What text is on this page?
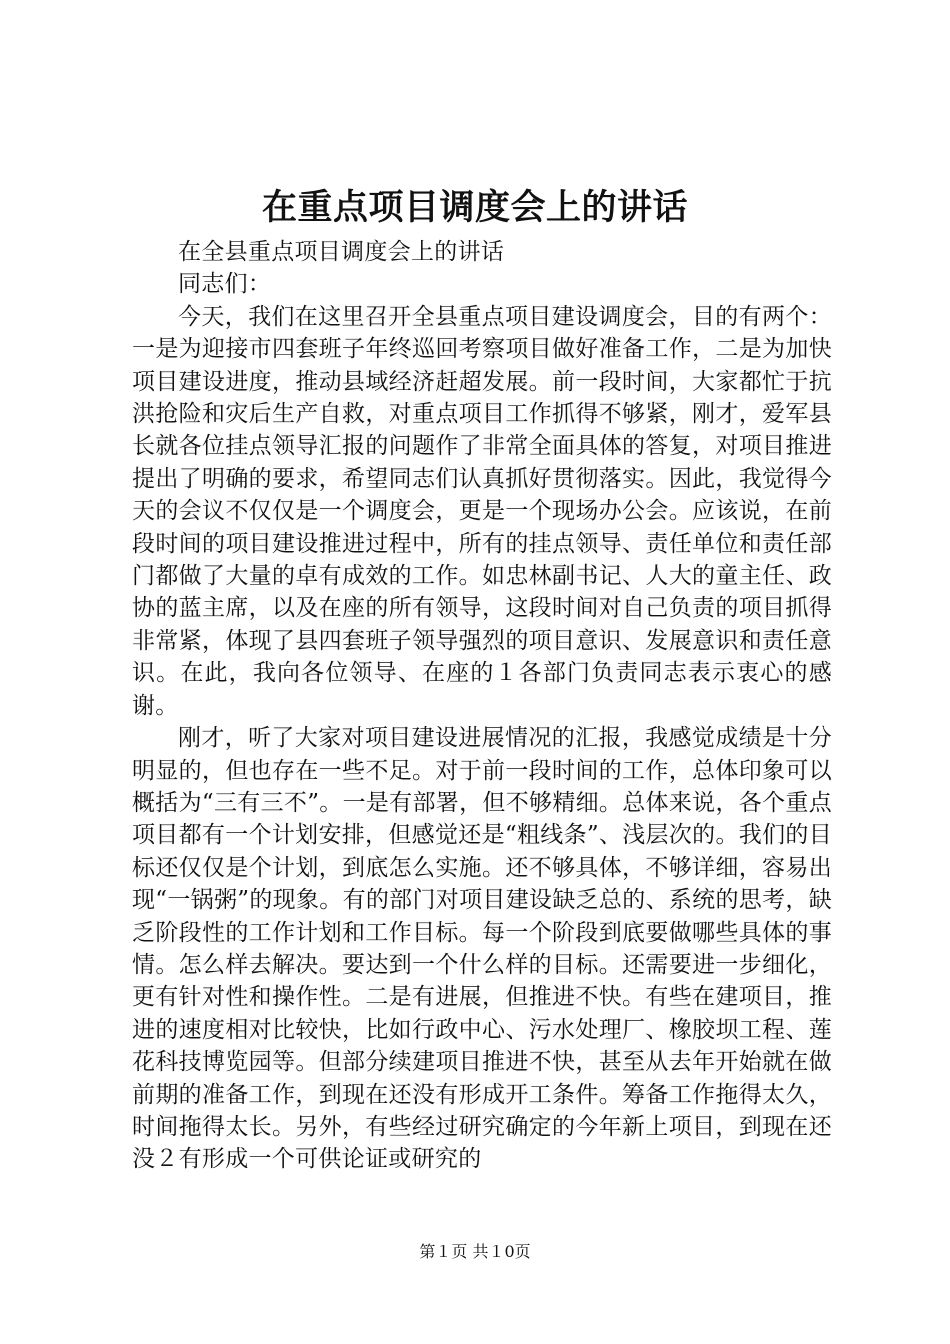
在重点项目调度会上的讲话

在全县重点项目调度会上的讲话

同志们：

今天，我们在这里召开全县重点项目建设调度会，目的有两个：一是为迎接市四套班子年终巡回考察项目做好准备工作，二是为加快项目建设进度，推动县域经济赶超发展。前一段时间，大家都忙于抗洪抢险和灾后生产自救，对重点项目工作抓得不够紧，刚才，爱军县长就各位挂点领导汇报的问题作了非常全面具体的答复，对项目推进提出了明确的要求，希望同志们认真抓好贯彻落实。因此，我觉得今天的会议不仅仅是一个调度会，更是一个现场办公会。应该说，在前段时间的项目建设推进过程中，所有的挂点领导、责任单位和责任部门都做了大量的卓有成效的工作。如忠林副书记、人大的童主任、政协的蓝主席，以及在座的所有领导，这段时间对自己负责的项目抓得非常紧，体现了县四套班子领导强烈的项目意识、发展意识和责任意识。在此，我向各位领导、在座的１各部门负责同志表示衷心的感谢。

刚才，听了大家对项目建设进展情况的汇报，我感觉成绩是十分明显的，但也存在一些不足。对于前一段时间的工作，总体印象可以概括为“三有三不”。一是有部署，但不够精细。总体来说，各个重点项目都有一个计划安排，但感觉还是“粗线条”、浅层次的。我们的目标还仅仅是个计划，到底怎么实施。还不够具体，不够详细，容易出现“一锅粥”的现象。有的部门对项目建设缺乏总的、系统的思考，缺乏阶段性的工作计划和工作目标。每一个阶段到底要做哪些具体的事情。怎么样去解决。要达到一个什么样的目标。还需要进一步细化，更有针对性和操作性。二是有进展，但推进不快。有些在建项目，推进的速度相对比较快，比如行政中心、污水处理厂、橡胶坝工程、莲花科技博览园等。但部分续建项目推进不快，甚至从去年开始就在做前期的准备工作，到现在还没有形成开工条件。筹备工作拖得太久，时间拖得太长。另外，有些经过研究确定的今年新上项目，到现在还没２有形成一个可供论证或研究的

第１页 共１0页
